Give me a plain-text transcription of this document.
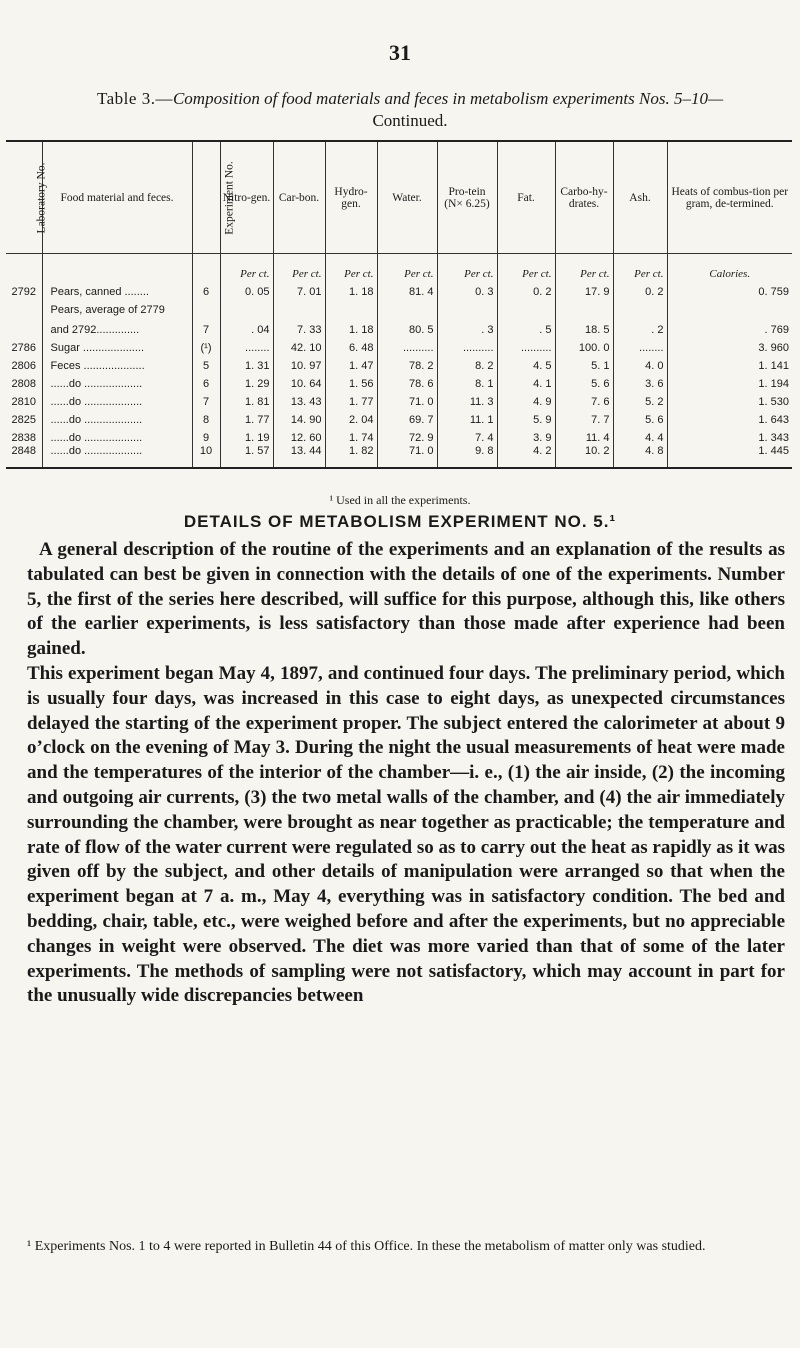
31
Table 3.—Composition of food materials and feces in metabolism experiments Nos. 5–10—
Continued.
Laboratory No.	Food material and feces.	Experiment No.	Nitro-gen.	Car-bon.	Hydro-gen.	Water.	Pro-tein (N× 6.25)	Fat.	Carbo-hy-drates.	Ash.	Heats of combus-tion per gram, de-termined.
			Per ct.	Per ct.	Per ct.	Per ct.	Per ct.	Per ct.	Per ct.	Per ct.	Calories.
2792	Pears, canned ........	6	0. 05	7. 01	1. 18	81. 4	0. 3	0. 2	17. 9	0. 2	0. 759
	Pears, average of 2779										
	and 2792..............	7	. 04	7. 33	1. 18	80. 5	. 3	. 5	18. 5	. 2	. 769
2786	Sugar ....................	(¹)	........	42. 10	6. 48	..........	..........	..........	100. 0	........	3. 960
2806	Feces ....................	5	1. 31	10. 97	1. 47	78. 2	8. 2	4. 5	5. 1	4. 0	1. 141
2808	......do ...................	6	1. 29	10. 64	1. 56	78. 6	8. 1	4. 1	5. 6	3. 6	1. 194
2810	......do ...................	7	1. 81	13. 43	1. 77	71. 0	11. 3	4. 9	7. 6	5. 2	1. 530
2825	......do ...................	8	1. 77	14. 90	2. 04	69. 7	11. 1	5. 9	7. 7	5. 6	1. 643
2838	......do ...................	9	1. 19	12. 60	1. 74	72. 9	7. 4	3. 9	11. 4	4. 4	1. 343
2848	......do ...................	10	1. 57	13. 44	1. 82	71. 0	9. 8	4. 2	10. 2	4. 8	1. 445
¹ Used in all the experiments.
DETAILS OF METABOLISM EXPERIMENT NO. 5.¹

A general description of the routine of the experiments and an explanation of the results as tabulated can best be given in connection with the details of one of the experiments. Number 5, the first of the series here described, will suffice for this purpose, although this, like others of the earlier experiments, is less satisfactory than those made after experience had been gained.

This experiment began May 4, 1897, and continued four days. The preliminary period, which is usually four days, was increased in this case to eight days, as unexpected circumstances delayed the starting of the experiment proper. The subject entered the calorimeter at about 9 o’clock on the evening of May 3. During the night the usual measurements of heat were made and the temperatures of the interior of the chamber—i. e., (1) the air inside, (2) the incoming and outgoing air currents, (3) the two metal walls of the chamber, and (4) the air immediately surrounding the chamber, were brought as near together as practicable; the temperature and rate of flow of the water current were regulated so as to carry out the heat as rapidly as it was given off by the subject, and other details of manipulation were arranged so that when the experiment began at 7 a. m., May 4, everything was in satisfactory condition. The bed and bedding, chair, table, etc., were weighed before and after the experiments, but no appreciable changes in weight were observed. The diet was more varied than that of some of the later experiments. The methods of sampling were not satisfactory, which may account in part for the unusually wide discrepancies between

¹ Experiments Nos. 1 to 4 were reported in Bulletin 44 of this Office. In these the metabolism of matter only was studied.
